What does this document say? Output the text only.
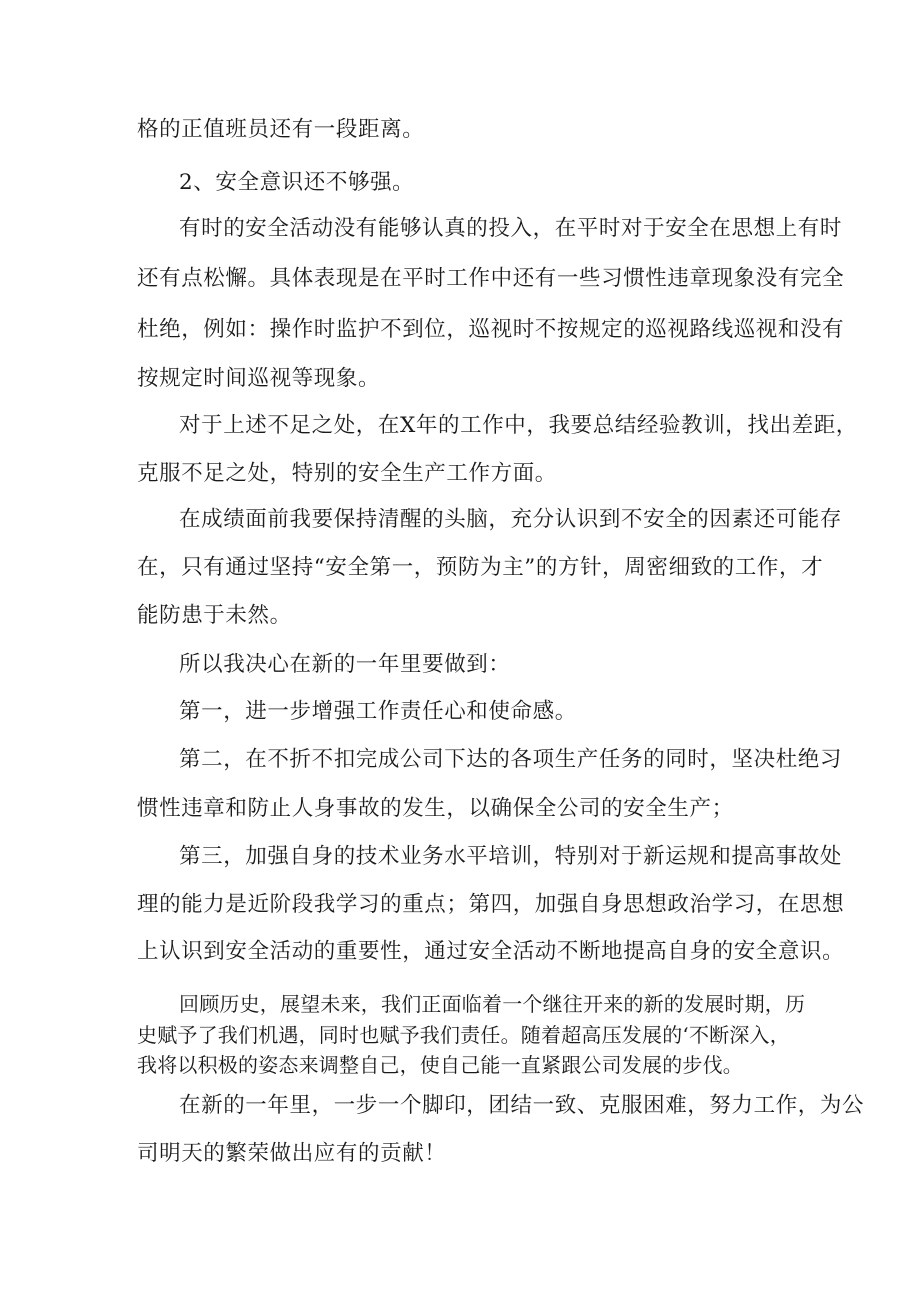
格的正值班员还有一段距离。
2、安全意识还不够强。
有时的安全活动没有能够认真的投入，在平时对于安全在思想上有时
还有点松懈。具体表现是在平时工作中还有一些习惯性违章现象没有完全
杜绝，例如：操作时监护不到位，巡视时不按规定的巡视路线巡视和没有
按规定时间巡视等现象。
对于上述不足之处，在X年的工作中，我要总结经验教训，找出差距，
克服不足之处，特别的安全生产工作方面。
在成绩面前我要保持清醒的头脑，充分认识到不安全的因素还可能存
在，只有通过坚持“安全第一，预防为主”的方针，周密细致的工作，才
能防患于未然。
所以我决心在新的一年里要做到：
第一，进一步增强工作责任心和使命感。
第二，在不折不扣完成公司下达的各项生产任务的同时，坚决杜绝习
惯性违章和防止人身事故的发生，以确保全公司的安全生产；
第三，加强自身的技术业务水平培训，特别对于新运规和提高事故处
理的能力是近阶段我学习的重点；第四，加强自身思想政治学习，在思想
上认识到安全活动的重要性，通过安全活动不断地提高自身的安全意识。
回顾历史，展望未来，我们正面临着一个继往开来的新的发展时期，历
史赋予了我们机遇，同时也赋予我们责任。随着超高压发展的‘不断深入，
我将以积极的姿态来调整自己，使自己能一直紧跟公司发展的步伐。
在新的一年里，一步一个脚印，团结一致、克服困难，努力工作，为公
司明天的繁荣做出应有的贡献！
